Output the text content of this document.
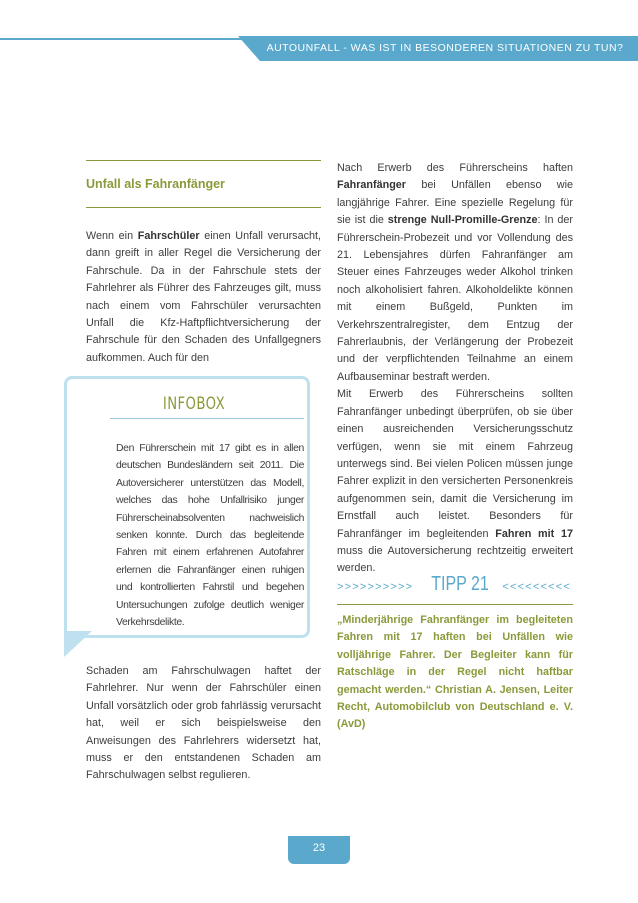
AUTOUNFALL - WAS IST IN BESONDEREN SITUATIONEN ZU TUN?
Unfall als Fahranfänger

Wenn ein Fahrschüler einen Unfall verursacht, dann greift in aller Regel die Versicherung der Fahrschule. Da in der Fahrschule stets der Fahrlehrer als Führer des Fahrzeuges gilt, muss nach einem vom Fahrschüler verursachten Unfall die Kfz-Haftpflichtversicherung der Fahrschule für den Schaden des Unfallgegners aufkommen. Auch für den

INFOBOX
Den Führerschein mit 17 gibt es in allen deutschen Bundesländern seit 2011. Die Autoversicherer unterstützen das Modell, welches das hohe Unfallrisiko junger Führerscheinabsolventen nachweislich senken konnte. Durch das begleitende Fahren mit einem erfahrenen Autofahrer erlernen die Fahranfänger einen ruhigen und kontrollierten Fahrstil und begehen Untersuchungen zufolge deutlich weniger Verkehrsdelikte.

Schaden am Fahrschulwagen haftet der Fahrlehrer. Nur wenn der Fahrschüler einen Unfall vorsätzlich oder grob fahrlässig verursacht hat, weil er sich beispielsweise den Anweisungen des Fahrlehrers widersetzt hat, muss er den entstandenen Schaden am Fahrschulwagen selbst regulieren.

Nach Erwerb des Führerscheins haften Fahranfänger bei Unfällen ebenso wie langjährige Fahrer. Eine spezielle Regelung für sie ist die strenge Null-Promille-Grenze: In der Führerschein-Probezeit und vor Vollendung des 21. Lebensjahres dürfen Fahranfänger am Steuer eines Fahrzeuges weder Alkohol trinken noch alkoholisiert fahren. Alkoholdelikte können mit einem Bußgeld, Punkten im Verkehrszentralregister, dem Entzug der Fahrerlaubnis, der Verlängerung der Probezeit und der verpflichtenden Teilnahme an einem Aufbauseminar bestraft werden.

Mit Erwerb des Führerscheins sollten Fahranfänger unbedingt überprüfen, ob sie über einen ausreichenden Versicherungsschutz verfügen, wenn sie mit einem Fahrzeug unterwegs sind. Bei vielen Policen müssen junge Fahrer explizit in den versicherten Personenkreis aufgenommen sein, damit die Versicherung im Ernstfall auch leistet. Besonders für Fahranfänger im begleitenden Fahren mit 17 muss die Autoversicherung rechtzeitig erweitert werden.

>>>>>>>>>> TIPP 21	<<<<<<<<<
„Minderjährige Fahranfänger im begleiteten Fahren mit 17 haften bei Unfällen wie volljährige Fahrer. Der Begleiter kann für Ratschläge in der Regel nicht haftbar gemacht werden.“ Christian A. Jensen, Leiter Recht, Automobilclub von Deutschland e. V. (AvD)
23
